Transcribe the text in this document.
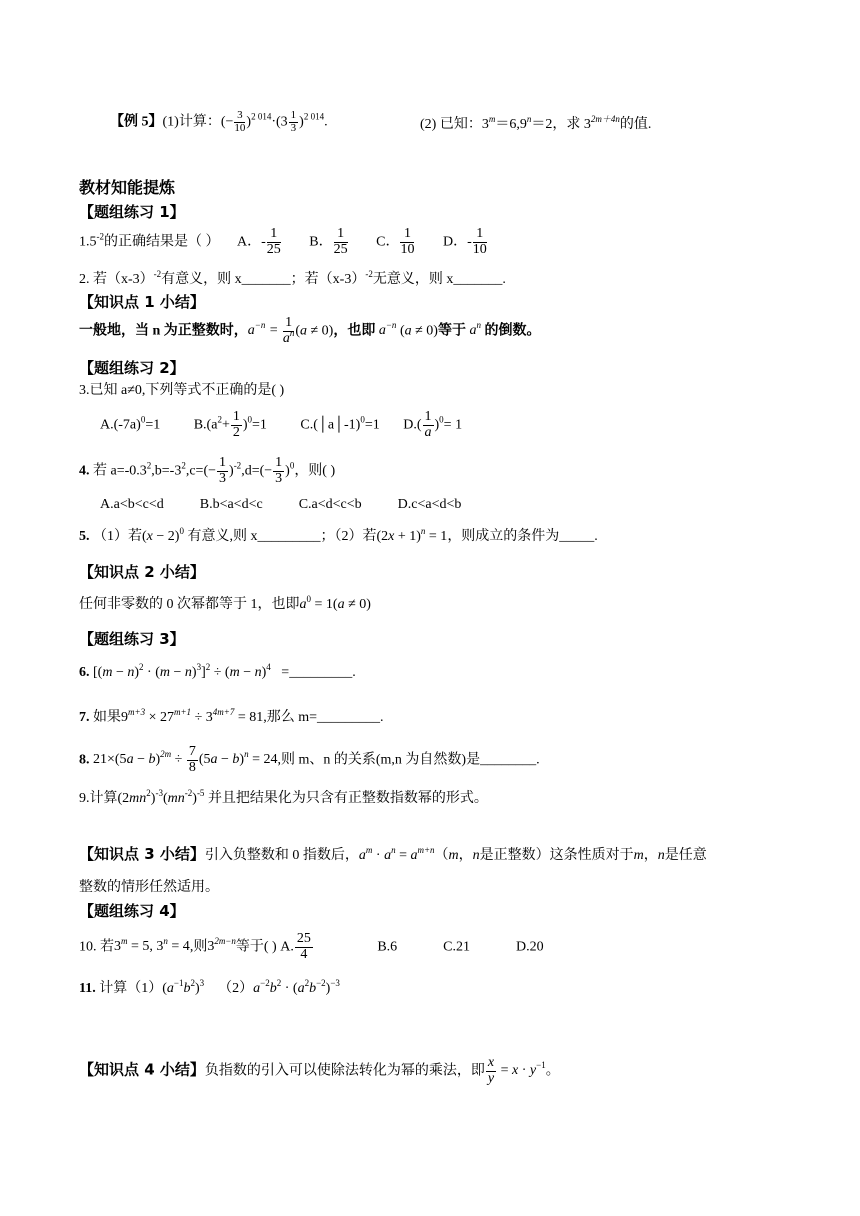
【例 5】(1)计算：(− $\frac{3}{10} )^{2 014}\cdot(3 \frac{1}{3} )^{2 014}$.	(2) 已知：$3^m=6,9^n=2$，求 $3^{2m+4n}$的值.
教材知能提炼
【题组练习 1】
$1.5^{-2}$的正确结果是（ ） A．- $\frac{1}{25}$ B． $\frac{1}{25}$ C． $\frac{1}{10}$ D．- $\frac{1}{10}$
2. 若$(x-3)^{-2}$有意义，则 x_______；若$(x-3)^{-2}$无意义，则 x_______.
【知识点 1 小结】
一般地，当 n 为正整数时，$a^{-n} = \frac{1}{a^n} (a \ne 0)$，也即 $a^{-n}$ (a ≠ 0)等于 $a^n$ 的倒数。
【题组练习 2】
3.已知 a≠0,下列等式不正确的是( )
$A.(-7a)^0=1$ $B.(a^2+ \frac{1}{2} )^0=1$ C.(│a│-1)$^0$=1 $D.( \frac{1}{a} )^0= 1$
4. 若 $a=-0.3^2,b=-3^2,c=(- \frac{1}{3} )^{-2},d=(- \frac{1}{3} )^0$，则( )
A.a<b<c<d	B.b<a<d<c	C.a<d<c<b	D.c<a<d<b
5. （1）若$(x - 2)^0$ 有意义,则 x_________；（2）若$(2x + 1)^n = 1$，则成立的条件为_____.
【知识点 2 小结】
任何非零数的 0 次幂都等于 1，也即$a^0 = 1(a \ne 0)$
【题组练习 3】
6. $[(m - n)^2 \cdot (m - n)^3]^2 \div (m - n)^4$ =_________.
7. 如果$9^{m+3} \times 27^{m+1} \div 3^{4m+7} = 81$,那么 m=_________.
8. $21\times(5a - b)^{2m} \div \frac{7}{8} (5a - b)^n = 24$,则 m、n 的关系(m,n 为自然数)是________.
9.计算$(2mn^2)^{-3}(mn^{-2})^{-5}$ 并且把结果化为只含有正整数指数幂的形式。
【知识点 3 小结】引入负整数和 0 指数后，$a^m \cdot a^n = a^{m+n}(m$，n是正整数）这条性质对于m，n是任意
整数的情形任然适用。
【题组练习 4】
10. 若$3^m = 5$, $3^n = 4$,则$3^{2m-n}$等于( ) A. $\frac{25}{4}$	B.6	C.21	D.20
11. 计算$(1)(a^{-1}b^2)^3$ $(2)a^{-2}b^2 \cdot (a^2b^{-2})^{-3}$
【知识点 4 小结】负指数的引入可以使除法转化为幂的乘法，即 $\frac{x}{y} = x \cdot y^{-1}$。
